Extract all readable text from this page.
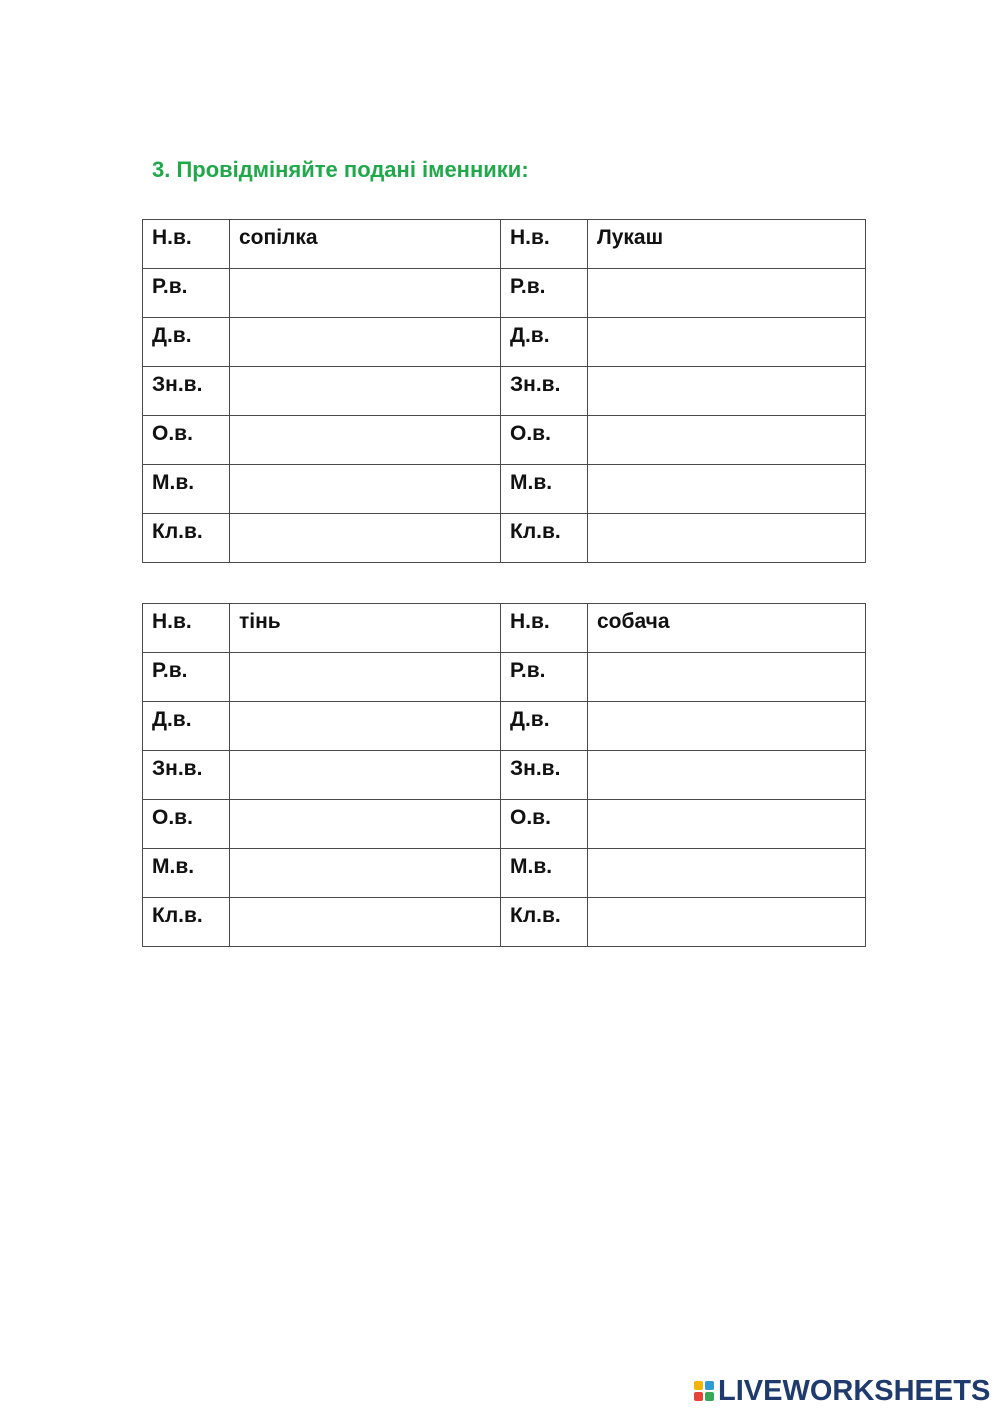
3. Провідміняйте подані іменники:
Н.в.	сопілка	Н.в.	Лукаш
Р.в.		Р.в.	
Д.в.		Д.в.	
Зн.в.		Зн.в.	
О.в.		О.в.	
М.в.		М.в.	
Кл.в.		Кл.в.	
Н.в.	тінь	Н.в.	собача
Р.в.		Р.в.	
Д.в.		Д.в.	
Зн.в.		Зн.в.	
О.в.		О.в.	
М.в.		М.в.	
Кл.в.		Кл.в.	
LIVEWORKSHEETS
